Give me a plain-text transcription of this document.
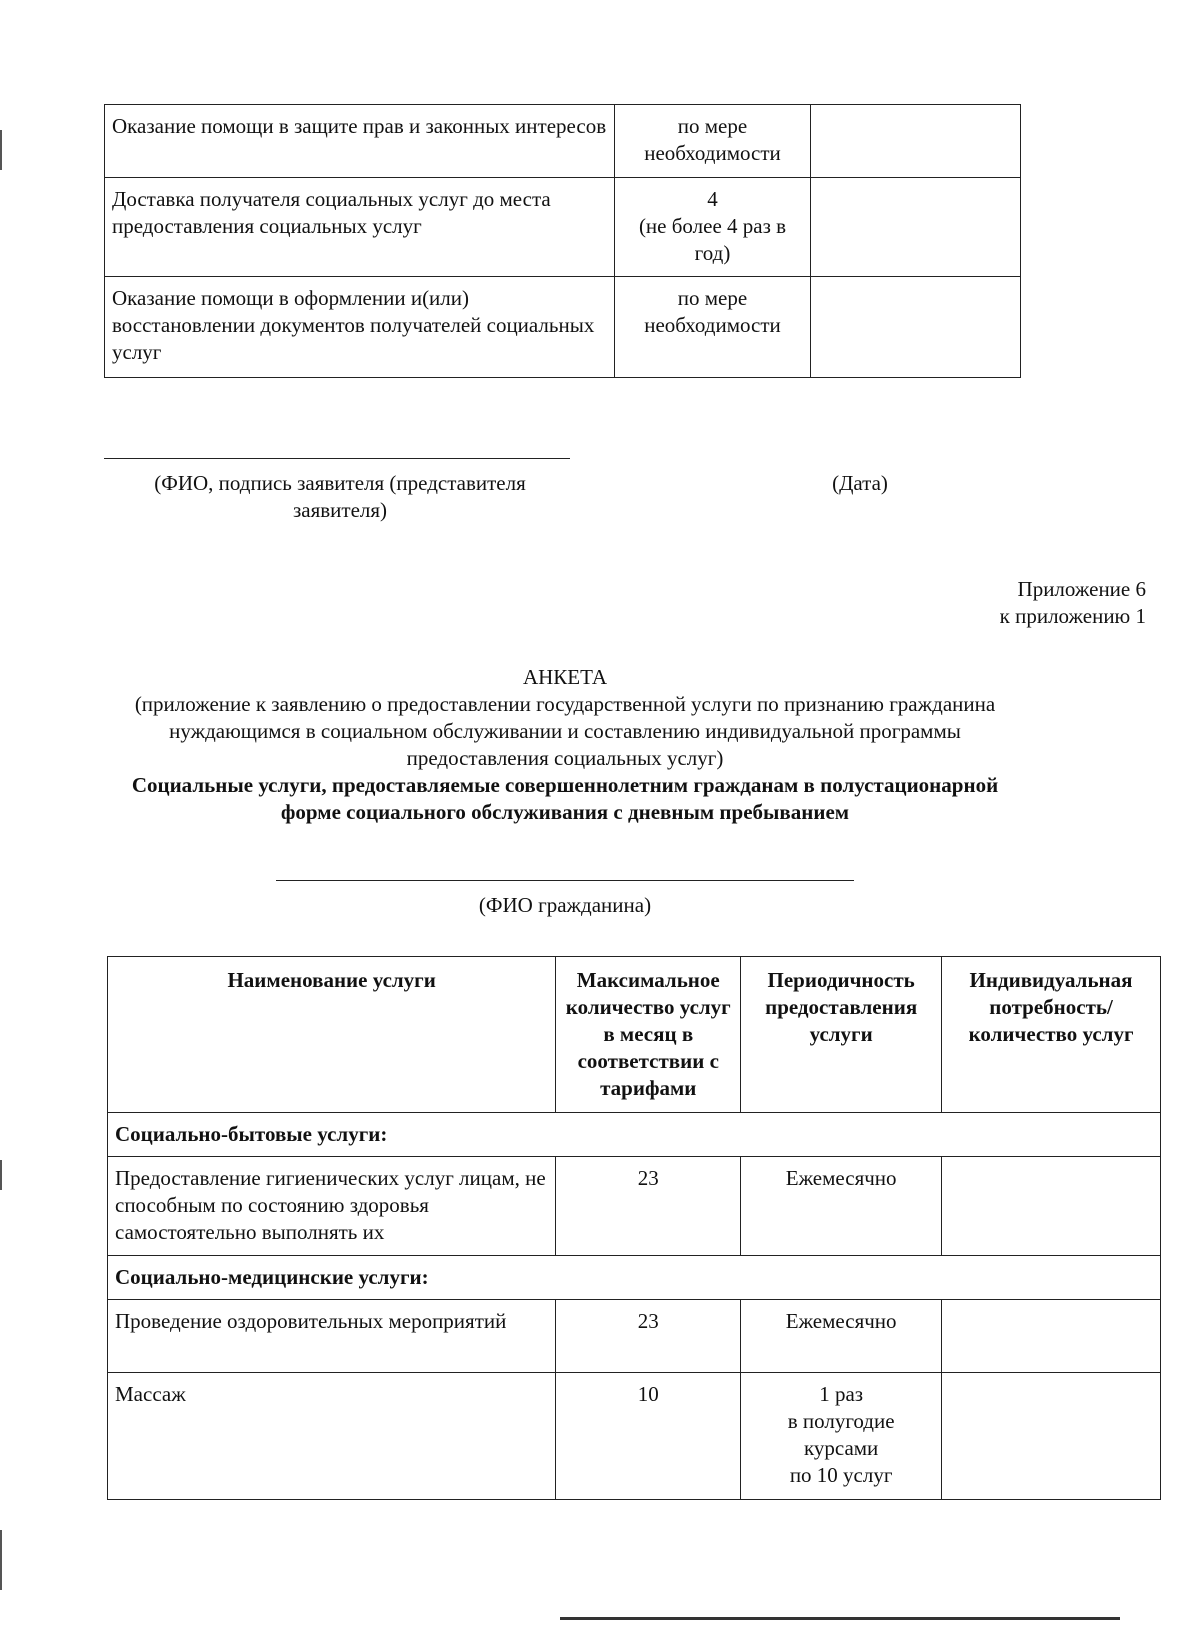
Оказание помощи в защите прав и законных интересов	по мере необходимости	
Доставка получателя социальных услуг до места предоставления социальных услуг	4
(не более 4 раз в год)	
Оказание помощи в оформлении и(или) восстановлении документов получателей социальных услуг	по мере необходимости	
(ФИО, подпись заявителя (представителя заявителя)
(Дата)
Приложение 6
к приложению 1
АНКЕТА
(приложение к заявлению о предоставлении государственной услуги по признанию гражданина нуждающимся в социальном обслуживании и составлению индивидуальной программы предоставления социальных услуг)
Социальные услуги, предоставляемые совершеннолетним гражданам в полустационарной форме социального обслуживания с дневным пребыванием
(ФИО гражданина)
Наименование услуги	Максимальное количество услуг в месяц в соответствии с тарифами	Периодичность предоставления услуги	Индивидуальная потребность/ количество услуг
Социально-бытовые услуги:			
Предоставление гигиенических услуг лицам, не способным по состоянию здоровья самостоятельно выполнять их	23	Ежемесячно	
Социально-медицинские услуги:			
Проведение оздоровительных мероприятий	23	Ежемесячно	
Массаж	10	1 раз
в полугодие
курсами
по 10 услуг	
